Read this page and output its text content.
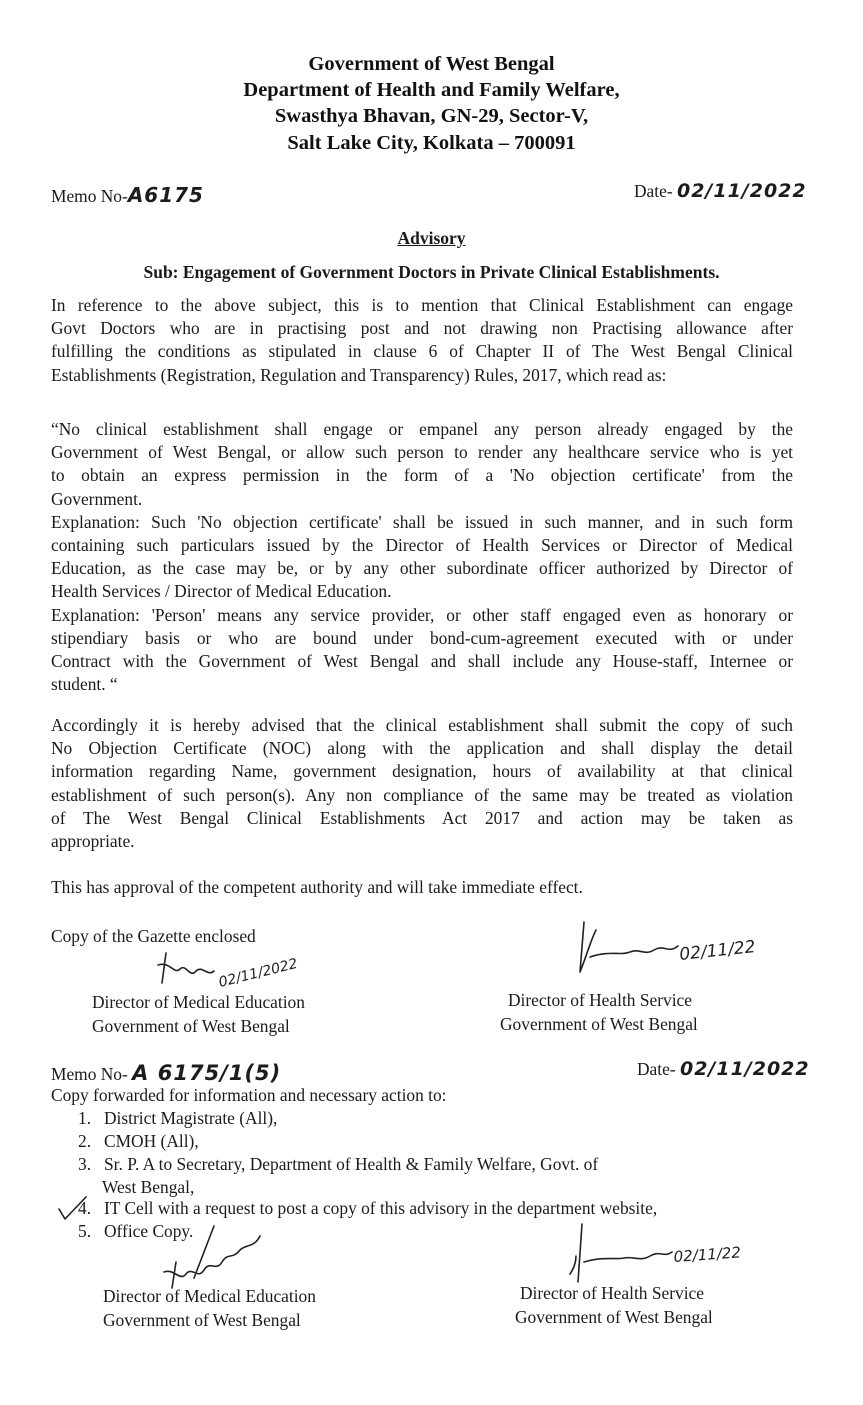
Government of West Bengal
Department of Health and Family Welfare,
Swasthya Bhavan, GN-29, Sector-V,
Salt Lake City, Kolkata – 700091
Memo No-A6175	Date- 02/11/2022
Advisory
Sub: Engagement of Government Doctors in Private Clinical Establishments.
In reference to the above subject, this is to mention that Clinical Establishment can engage
Govt Doctors who are in practising post and not drawing non Practising allowance after
fulfilling the conditions as stipulated in clause 6 of Chapter II of The West Bengal Clinical
Establishments (Registration, Regulation and Transparency) Rules, 2017, which read as:
“No clinical establishment shall engage or empanel any person already engaged by the
Government of West Bengal, or allow such person to render any healthcare service who is yet
to obtain an express permission in the form of a 'No objection certificate' from the
Government.
Explanation: Such 'No objection certificate' shall be issued in such manner, and in such form
containing such particulars issued by the Director of Health Services or Director of Medical
Education, as the case may be, or by any other subordinate officer authorized by Director of
Health Services / Director of Medical Education.
Explanation: 'Person' means any service provider, or other staff engaged even as honorary or
stipendiary basis or who are bound under bond-cum-agreement executed with or under
Contract with the Government of West Bengal and shall include any House-staff, Internee or
student. “
Accordingly it is hereby advised that the clinical establishment shall submit the copy of such
No Objection Certificate (NOC) along with the application and shall display the detail
information regarding Name, government designation, hours of availability at that clinical
establishment of such person(s). Any non compliance of the same may be treated as violation
of The West Bengal Clinical Establishments Act 2017 and action may be taken as
appropriate.
This has approval of the competent authority and will take immediate effect.
Copy of the Gazette enclosed
02/11/2022
02/11/22
Director of Medical Education
Government of West Bengal
Director of Health Service
Government of West Bengal
Memo No- A 6175/1(5)	Date- 02/11/2022
Copy forwarded for information and necessary action to:
1. District Magistrate (All),
2. CMOH (All),
3. Sr. P. A to Secretary, Department of Health & Family Welfare, Govt. of
West Bengal,
4. IT Cell with a request to post a copy of this advisory in the department website,
5. Office Copy.
02/11/22
Director of Medical Education
Government of West Bengal
Director of Health Service
Government of West Bengal
